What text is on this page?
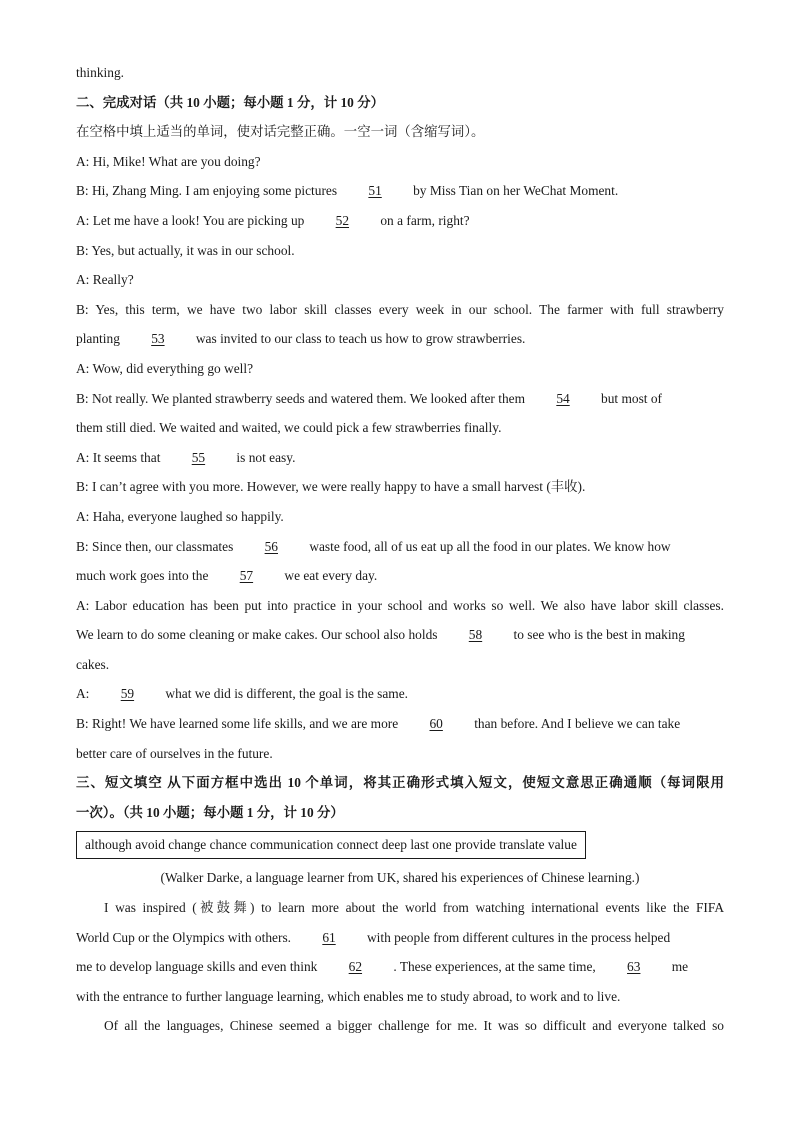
thinking.
二、完成对话（共 10 小题；每小题 1 分，计 10 分）
在空格中填上适当的单词，使对话完整正确。一空一词（含缩写词）。
A: Hi, Mike! What are you doing?
B: Hi, Zhang Ming. I am enjoying some pictures 51 by Miss Tian on her WeChat Moment.
A: Let me have a look! You are picking up 52 on a farm, right?
B: Yes, but actually, it was in our school.
A: Really?
B: Yes, this term, we have two labor skill classes every week in our school. The farmer with full strawberry
planting 53 was invited to our class to teach us how to grow strawberries.
A: Wow, did everything go well?
B: Not really. We planted strawberry seeds and watered them. We looked after them 54 but most of
them still died. We waited and waited, we could pick a few strawberries finally.
A: It seems that 55 is not easy.
B: I can’t agree with you more. However, we were really happy to have a small harvest (丰收).
A: Haha, everyone laughed so happily.
B: Since then, our classmates 56 waste food, all of us eat up all the food in our plates. We know how
much work goes into the 57 we eat every day.
A: Labor education has been put into practice in your school and works so well. We also have labor skill classes.
We learn to do some cleaning or make cakes. Our school also holds 58 to see who is the best in making
cakes.
A: 59 what we did is different, the goal is the same.
B: Right! We have learned some life skills, and we are more 60 than before. And I believe we can take
better care of ourselves in the future.
三、短文填空 从下面方框中选出 10 个单词，将其正确形式填入短文，使短文意思正确通顺（每词限用
一次）。（共 10 小题；每小题 1 分，计 10 分）
although avoid change chance communication connect deep last one provide translate value
(Walker Darke, a language learner from UK, shared his experiences of Chinese learning.)
I was inspired (被鼓舞) to learn more about the world from watching international events like the FIFA
World Cup or the Olympics with others. 61 with people from different cultures in the process helped
me to develop language skills and even think 62 . These experiences, at the same time, 63 me
with the entrance to further language learning, which enables me to study abroad, to work and to live.
Of all the languages, Chinese seemed a bigger challenge for me. It was so difficult and everyone talked so
